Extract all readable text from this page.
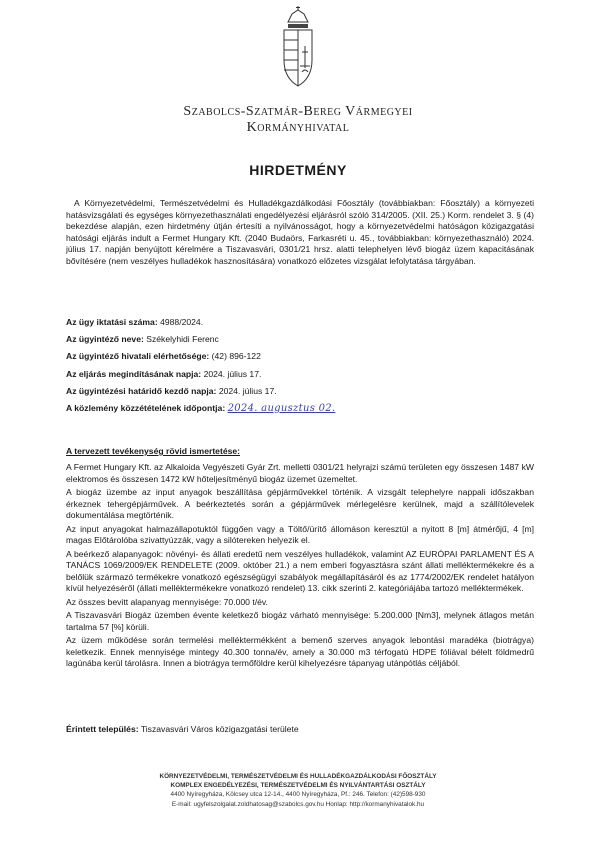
Szabolcs-Szatmár-Bereg Vármegyei
Kormányhivatal
HIRDETMÉNY
A Környezetvédelmi, Természetvédelmi és Hulladékgazdálkodási Főosztály (továbbiakban: Főosztály) a környezeti hatásvizsgálati és egységes környezethasználati engedélyezési eljárásról szóló 314/2005. (XII. 25.) Korm. rendelet 3. § (4) bekezdése alapján, ezen hirdetmény útján értesíti a nyilvánosságot, hogy a környezetvédelmi hatóságon közigazgatási hatósági eljárás indult a Fermet Hungary Kft. (2040 Budaörs, Farkasréti u. 45., továbbiakban: környezethasználó) 2024. július 17. napján benyújtott kérelmére a Tiszavasvári, 0301/21 hrsz. alatti telephelyen lévő biogáz üzem kapacitásának bővítésére (nem veszélyes hulladékok hasznosítására) vonatkozó előzetes vizsgálat lefolytatása tárgyában.
Az ügy iktatási száma: 4988/2024.
Az ügyintéző neve: Székelyhidi Ferenc
Az ügyintéző hivatali elérhetősége: (42) 896-122
Az eljárás megindításának napja: 2024. július 17.
Az ügyintézési határidő kezdő napja: 2024. július 17.
A közlemény közzétételének időpontja: 2024. augusztus 02.
A tervezett tevékenység rövid ismertetése:

A Fermet Hungary Kft. az Alkaloida Vegyészeti Gyár Zrt. melletti 0301/21 helyrajzi számú területen egy összesen 1487 kW elektromos és összesen 1472 kW hőteljesítményű biogáz üzemet üzemeltet.

A biogáz üzembe az input anyagok beszállítása gépjárművekkel történik. A vizsgált telephelyre nappali időszakban érkeznek tehergépjárművek. A beérkeztetés során a gépjárművek mérlegelésre kerülnek, majd a szállítólevelek dokumentálása megtörténik.

Az input anyagokat halmazállapotuktól függően vagy a Töltő/ürítő állomáson keresztül a nyitott 8 [m] átmérőjű, 4 [m] magas Előtárolóba szivattyúzzák, vagy a silótereken helyezik el.

A beérkező alapanyagok: növényi- és állati eredetű nem veszélyes hulladékok, valamint AZ EURÓPAI PARLAMENT ÉS A TANÁCS 1069/2009/EK RENDELETE (2009. október 21.) a nem emberi fogyasztásra szánt állati melléktermékekre és a belőlük származó termékekre vonatkozó egészségügyi szabályok megállapításáról és az 1774/2002/EK rendelet hatályon kívül helyezéséről (állati melléktermékekre vonatkozó rendelet) 13. cikk szerinti 2. kategóriájába tartozó melléktermékek.

Az összes bevitt alapanyag mennyisége: 70.000 t/év.

A Tiszavasvári Biogáz üzemben évente keletkező biogáz várható mennyisége: 5.200.000 [Nm3], melynek átlagos metán tartalma 57 [%] körüli.

Az üzem működése során termelési melléktermékként a bemenő szerves anyagok lebontási maradéka (biotrágya) keletkezik. Ennek mennyisége mintegy 40.300 tonna/év, amely a 30.000 m3 térfogatú HDPE fóliával bélelt földmedrű lagúnába kerül tárolásra. Innen a biotrágya termőföldre kerül kihelyezésre tápanyag utánpótlás céljából.

Érintett település: Tiszavasvári Város közigazgatási területe
KÖRNYEZETVÉDELMI, TERMÉSZETVÉDELMI ÉS HULLADÉKGAZDÁLKODÁSI FŐOSZTÁLY
KOMPLEX ENGEDÉLYEZÉSI, TERMÉSZETVÉDELMI ÉS NYILVÁNTARTÁSI OSZTÁLY
4400 Nyíregyháza, Kölcsey utca 12-14., 4400 Nyíregyháza, Pf.: 246. Telefon: (42)598-930
E-mail: ugyfelszolgalat.zoldhatosag@szabolcs.gov.hu Honlap: http://kormanyhivatalok.hu
